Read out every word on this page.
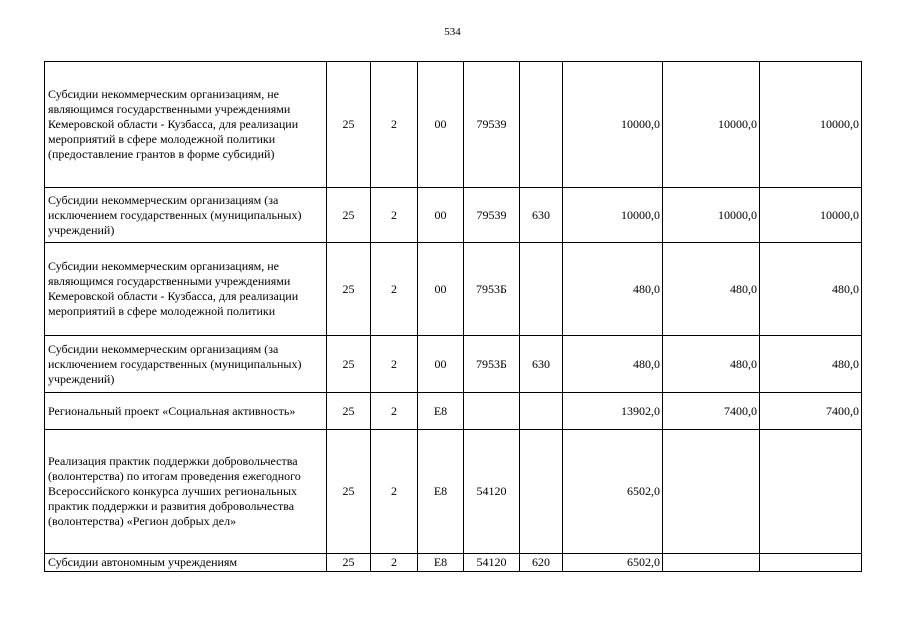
534
Субсидии некоммерческим организациям, не являющимся государственными учреждениями Кемеровской области - Кузбасса, для реализации мероприятий в сфере молодежной политики (предоставление грантов в форме субсидий)	25	2	00	79539		10000,0	10000,0	10000,0

Субсидии некоммерческим организациям (за исключением государственных (муниципальных) учреждений)	25	2	00	79539	630	10000,0	10000,0	10000,0

Субсидии некоммерческим организациям, не являющимся государственными учреждениями Кемеровской области - Кузбасса, для реализации мероприятий в сфере молодежной политики	25	2	00	7953Б		480,0	480,0	480,0

Субсидии некоммерческим организациям (за исключением государственных (муниципальных) учреждений)	25	2	00	7953Б	630	480,0	480,0	480,0

Региональный проект «Социальная активность»	25	2	Е8			13902,0	7400,0	7400,0

Реализация практик поддержки добровольчества (волонтерства) по итогам проведения ежегодного Всероссийского конкурса лучших региональных практик поддержки и развития добровольчества (волонтерства) «Регион добрых дел»	25	2	Е8	54120		6502,0		

Субсидии автономным учреждениям	25	2	Е8	54120	620	6502,0		
